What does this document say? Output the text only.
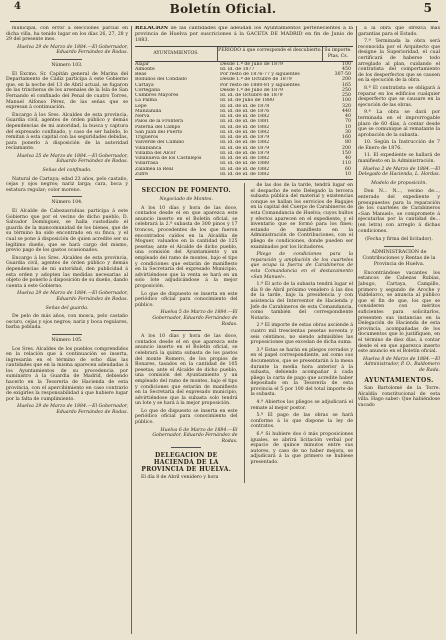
4	Boletín Oficial.	5

municipal, con error á elecciones parcial en dicha villa, ha tenido lugar en los días 26, 27, 28 y 29 del presente mes.

Huelva 29 de Marzo de 1884.—El Gobernador, Eduardo Fernández de Rodas.

Número 103.

El Excmo. Sr. Capitán general de Marina del Departamento de Cádiz participa á este Gobierno que, en la noche del 13 de Abril actual, se fugaron de las trincheras de los arsenales de la Isla de San Fernando el confinado del Penal de cuatro Torres, Manuel Alfonso Pérez, de las señas que se expresan á continuación.

Encargo á los Sres. Alcaldes de esta provincia, Guardia civil, agentes de órden público y demás dependencias de mi autoridad, la busca y captura del expresado confinado, y caso de ser habido, lo remitan á esta capital con las seguridades debidas, para ponerlo á disposición de la autoridad reclamante.

Huelva 25 de Marzo de 1884.—El Gobernador, Eduardo Fernández de Rodas.

Señas del confinado.

Natural de Cartaya; edad 23 años, pelo castaño, cejas y ojos negros; nariz larga; cara, boca y estatura regular; color moreno.

Número 104.

El Alcalde de Cabezasrubias participa á este Gobierno que por el vecino de dicho pueblo, D. Salvador Domínguez, se halla custodiado el guarda de la mancomunidad de los bienes, que de su término ha sido encontrado en su finca, y el cual se pone á disposición de quien acredite ser su legítimo dueño, que se hará cargo del mismo, previo pago de los gastos ocasionados.

Encargo á los Sres. Alcaldes de esta provincia, Guardia civil, agentes de órden público y demás dependencias de mi autoridad, den publicidad á esta orden y adopten las medidas necesarias al objeto de ponerlo á disposición de su dueño, dando cuenta á este Gobierno.

Huelva 29 de Marzo de 1884.—El Gobernador, Eduardo Fernández de Rodas.

Señas del guarda.

De pelo de más años, con mosca, pelo castaño oscuro, cejas y ojos negros; nariz y boca regulares, barba poblada.

Número 105.

Los Sres. Alcaldes de los pueblos comprendidos en la relación que á continuación se inserta, ingresarán en el término de ocho días las cantidades que en la misma aparecen adeudadas á los Ayuntamientos de su procedencia por suministro á la Guardia de Madrid, debiendo hacerlo en la Tesorería de Hacienda de esta provincia, con el apercibimiento en caso contrario de exigirles la responsabilidad á que hubiere lugar por la falta de cumplimiento.

Huelva 29 de Marzo de 1884.—El Gobernador, Eduardo Fernández de Rodas.

RELACION de las cantidades que adeudan los Ayuntamientos pertenecientes á la provincia de Huelva por suscriciones á la GACETA DE MADRID en fin de Junio de 1883.

AYUNTAMIENTOS.
PERIODO á que corresponde el descubierto. Su importe. Ptas. Cs.
Alájar	Desde 1.º de Julio de 1879	100
Almonte	Id. id. de 1877	450
Beas	Por resto de 1876-77 y siguientes	307·50
Bollullos del Condado	Desde 1.º de Octubre de 1879	200
Cartaya	Por resto de 1880-81 y siguientes	165
Cortegana	Desde 1.º de Julio de 1879	250
Cumbres Mayores	Id. id. de Octubre de 1879	250
La Palma	Id. id. de Julio de 1880	100
Lepe	Id. id. de id. de 1878	320
Manzanilla	Id. id. de id. de 1876	440
Nerva	Id. id. de id. de 1882	40
Palos de la Frontera	Id. id. de id. de 1881	70
Paterna del Campo	Id. id. de id. de 1882	10
San Juan del Puerto	Id. id. de id. de 1882	30
Trigueros	Id. id. de id. de 1879	160
Valverde del Camino	Id. id. de id. de 1882	80
Villablanca	Id. id. de id. de 1879	200
Villalba del Alcor	Id. id. de id. de 1879	150
Villanueva de los Castillejos	Id. id. de id. de 1882	40
Villarrasa	Id. id. de id. de 1880	110
Zalamea la Real	Id. id. de id. de 1882	60
Zufre	Id. id. de id. de 1882	10
SECCION DE FOMENTO.

Negociado de Montes.

A los 10 días y hora de las doce, contados desde el en que aparezca este anuncio inserto en el Boletín oficial, se celebrará la 2.ª subasta de 300 pinos y 17 troncos, procedentes de los que fueron encontrados caídos en la Alcaldía de Moguer, valuados en la cantidad de 125 pesetas; ante el Alcalde de dicho pueblo, una comisión del Ayuntamiento y un empleado del ramo de montes, bajo el tipo y condiciones que estarán de manifiesto en la Secretaría del expresado Municipio, advirtiéndose que la venta se hará en un solo lote adjudicándose á la mejor proposición.

Lo que de dispuesto se inserta en este periódico oficial para conocimiento del público.

Huelva 5 de Marzo de 1884.—El Gobernador, Eduardo Fernández de Rodas.

A los 10 días y hora de las doce, contados desde el en que aparezca este anuncio inserto en el Boletín oficial, se celebrará la quinta subasta de los pastos del monte Romero, de los propios de Bonares, tasados en la cantidad de 105 pesetas; ante el Alcalde de dicho pueblo, una comisión del Ayuntamiento y un empleado del ramo de montes, bajo el tipo y condiciones que estarán de manifiesto en la Secretaría del expresado municipio, advirtiéndose que la subasta solo tendrá un lote y se hará á la mejor proposición.

Lo que de dispuesto se inserta en este periódico oficial para conocimiento del público.

Huelva 6 de Marzo de 1884.—El Gobernador, Eduardo Fernández de Rodas.

DELEGACION DE HACIENDA DE LA PROVINCIA DE HUELVA.

El día 8 de Abril venidero y hora

de las dos de la tarde, tendrá lugar en el despacho de este Delegado la tercera subasta pública del material y existencias conque se hallan los servicios de Bagajes en la capital del Cuerpo de Carabineros de esta Comandancia de Huelva; cuyos bultos y efectos aparecen en el expediente, y el inventario que se formó para los fines; estando de manifiesto en la Administración de Contribuciones, con el pliego de condiciones, donde pueden ser examinados por los licitadores.

Pliego de condiciones para la reparación y ampliación de los cuarteles que ocupa la fuerza de Carabineros de esta Comandancia en el destacamento «San Manuel».

1.ª El acto de la subasta tendrá lugar el día 8 de Abril próximo venidero á las dos de la tarde, bajo la presidencia y con asistencia del Interventor de Hacienda y Jefe de Carabineros de esta Comandancia, como también del correspondiente Notario.

2.ª El importe de estas obras asciende á cuatro mil trescientas pesetas noventa y seis céntimos, no siendo admisibles las proposiciones que excedan de dicha suma.

3.ª Estas se harán en pliegos cerrados y en el papel correspondiente, así como sus documentos, que se presentarán á la mesa durante la media hora anterior á la subasta, debiendo acompañar á cada pliego la carta de pago que acredite haber depositado en la Tesorería de esta provincia el 5 por 100 del total importe de la subasta.

4.ª Abiertos los pliegos se adjudicará el remate al mejor postor.

5.ª El pago de las obras se hará conforme á lo que dispone la ley de contratos.

6.ª Si hubiere dos ó más proposiciones iguales, se abrirá licitación verbal por espacio de quince minutos entre sus autores, y caso de no haber mejora, se adjudicará á la que primero se hubiese presentado.

á la obra que ofrezca más garantías para el Estado.

7.ª Terminada la obra será reconocida por el Arquitecto que designe la Superioridad, el cual certificará de haberse todo arreglado al plan, cuidando el contratista del comportamiento de los desperfectos que se causen en la ejecución de la obra.

8.ª El contratista se obligará á reparar en los edificios cualquier desperfecto que se causare en la ejecución de las obras.

9.ª La obra se dará por terminada en el improrrogable plazo de 60 días, á contar desde que se comunique al rematante la aprobación de la subasta.

10. Según la Instrucción de 7 de Enero de 1876.

11. El expediente se hallará de manifiesto en la Administración.

Huelva 2 de Marzo de 1884.—El Delegado de Hacienda, L. Hordas.

Modelo de proposición.

Don N... N..., vecino de..., enterado del expediente y presupuestos para la reparación de los cuarteles de Carabineros «San Manuel», se compromete á ejecutarlas por la cantidad de... (en letra) con arreglo á dichas condiciones.

(Fecha y firma del licitador).

ADMINISTRACION de Contribuciones y Rentas de la Provincia de Huelva.

Encontrándose vacantes los estancos de Cabezas Rubias, Jabugo, Cartaya, Campillo, primero y segundo de Aroche y Valdelarco, se anuncia al público que el fin de que, los que se consideren con méritos suficientes para solicitarlos, presenten sus instancias en la Delegación de Hacienda de esta provincia, acompañadas de los documentos que lo justifiquen, en el término de diez días, á contar desde el en que aparezca inserto este anuncio en el Boletín oficial.

Huelva 8 de Marzo de 1884.—El Administrador, P. O., Baldomero de Rada.

AYUNTAMIENTOS.

San Bartolomé de la Torre. Alcaldía constitucional de esta villa. Hago saber: Que habiéndose vacado
